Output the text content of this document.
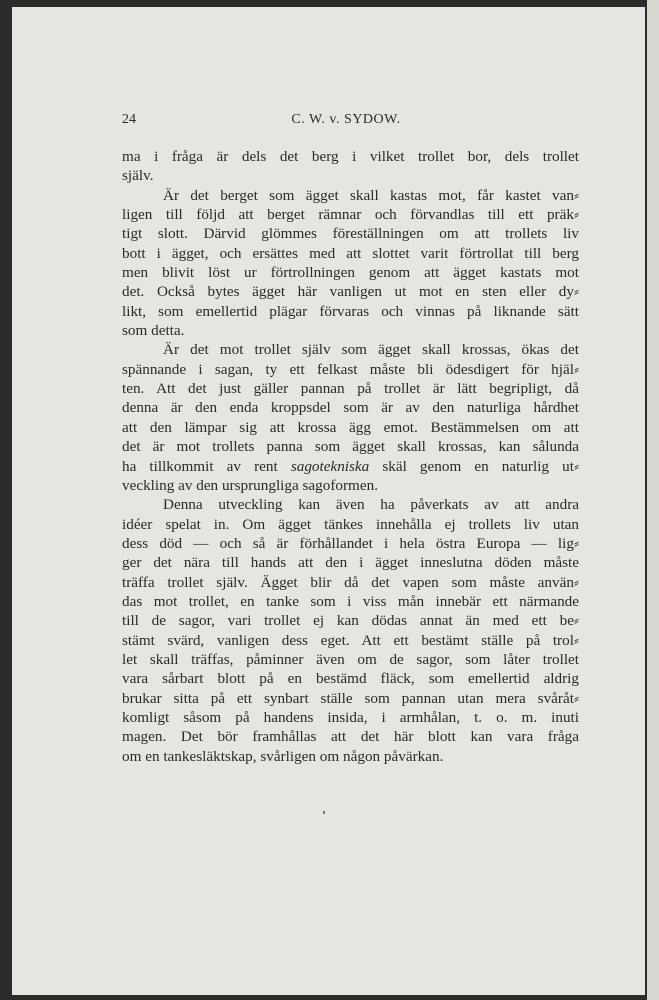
24	C. W. v. SYDOW.
ma i fråga är dels det berg i vilket trollet bor, dels trollet
själv.
Är det berget som ägget skall kastas mot, får kastet van⸗
ligen till följd att berget rämnar och förvandlas till ett präk⸗
tigt slott. Därvid glömmes föreställningen om att trollets liv
bott i ägget, och ersättes med att slottet varit förtrollat till berg
men blivit löst ur förtrollningen genom att ägget kastats mot
det. Också bytes ägget här vanligen ut mot en sten eller dy⸗
likt, som emellertid plägar förvaras och vinnas på liknande sätt
som detta.
Är det mot trollet själv som ägget skall krossas, ökas det
spännande i sagan, ty ett felkast måste bli ödesdigert för hjäl⸗
ten. Att det just gäller pannan på trollet är lätt begripligt, då
denna är den enda kroppsdel som är av den naturliga hårdhet
att den lämpar sig att krossa ägg emot. Bestämmelsen om att
det är mot trollets panna som ägget skall krossas, kan sålunda
ha tillkommit av rent sagotekniska skäl genom en naturlig ut⸗
veckling av den ursprungliga sagoformen.
Denna utveckling kan även ha påverkats av att andra
idéer spelat in. Om ägget tänkes innehålla ej trollets liv utan
dess död — och så är förhållandet i hela östra Europa — lig⸗
ger det nära till hands att den i ägget inneslutna döden måste
träffa trollet själv. Ägget blir då det vapen som måste använ⸗
das mot trollet, en tanke som i viss mån innebär ett närmande
till de sagor, vari trollet ej kan dödas annat än med ett be⸗
stämt svärd, vanligen dess eget. Att ett bestämt ställe på trol⸗
let skall träffas, påminner även om de sagor, som låter trollet
vara sårbart blott på en bestämd fläck, som emellertid aldrig
brukar sitta på ett synbart ställe som pannan utan mera svåråt⸗
komligt såsom på handens insida, i armhålan, t. o. m. inuti
magen. Det bör framhållas att det här blott kan vara fråga
om en tankesläktskap, svårligen om någon påvärkan.
